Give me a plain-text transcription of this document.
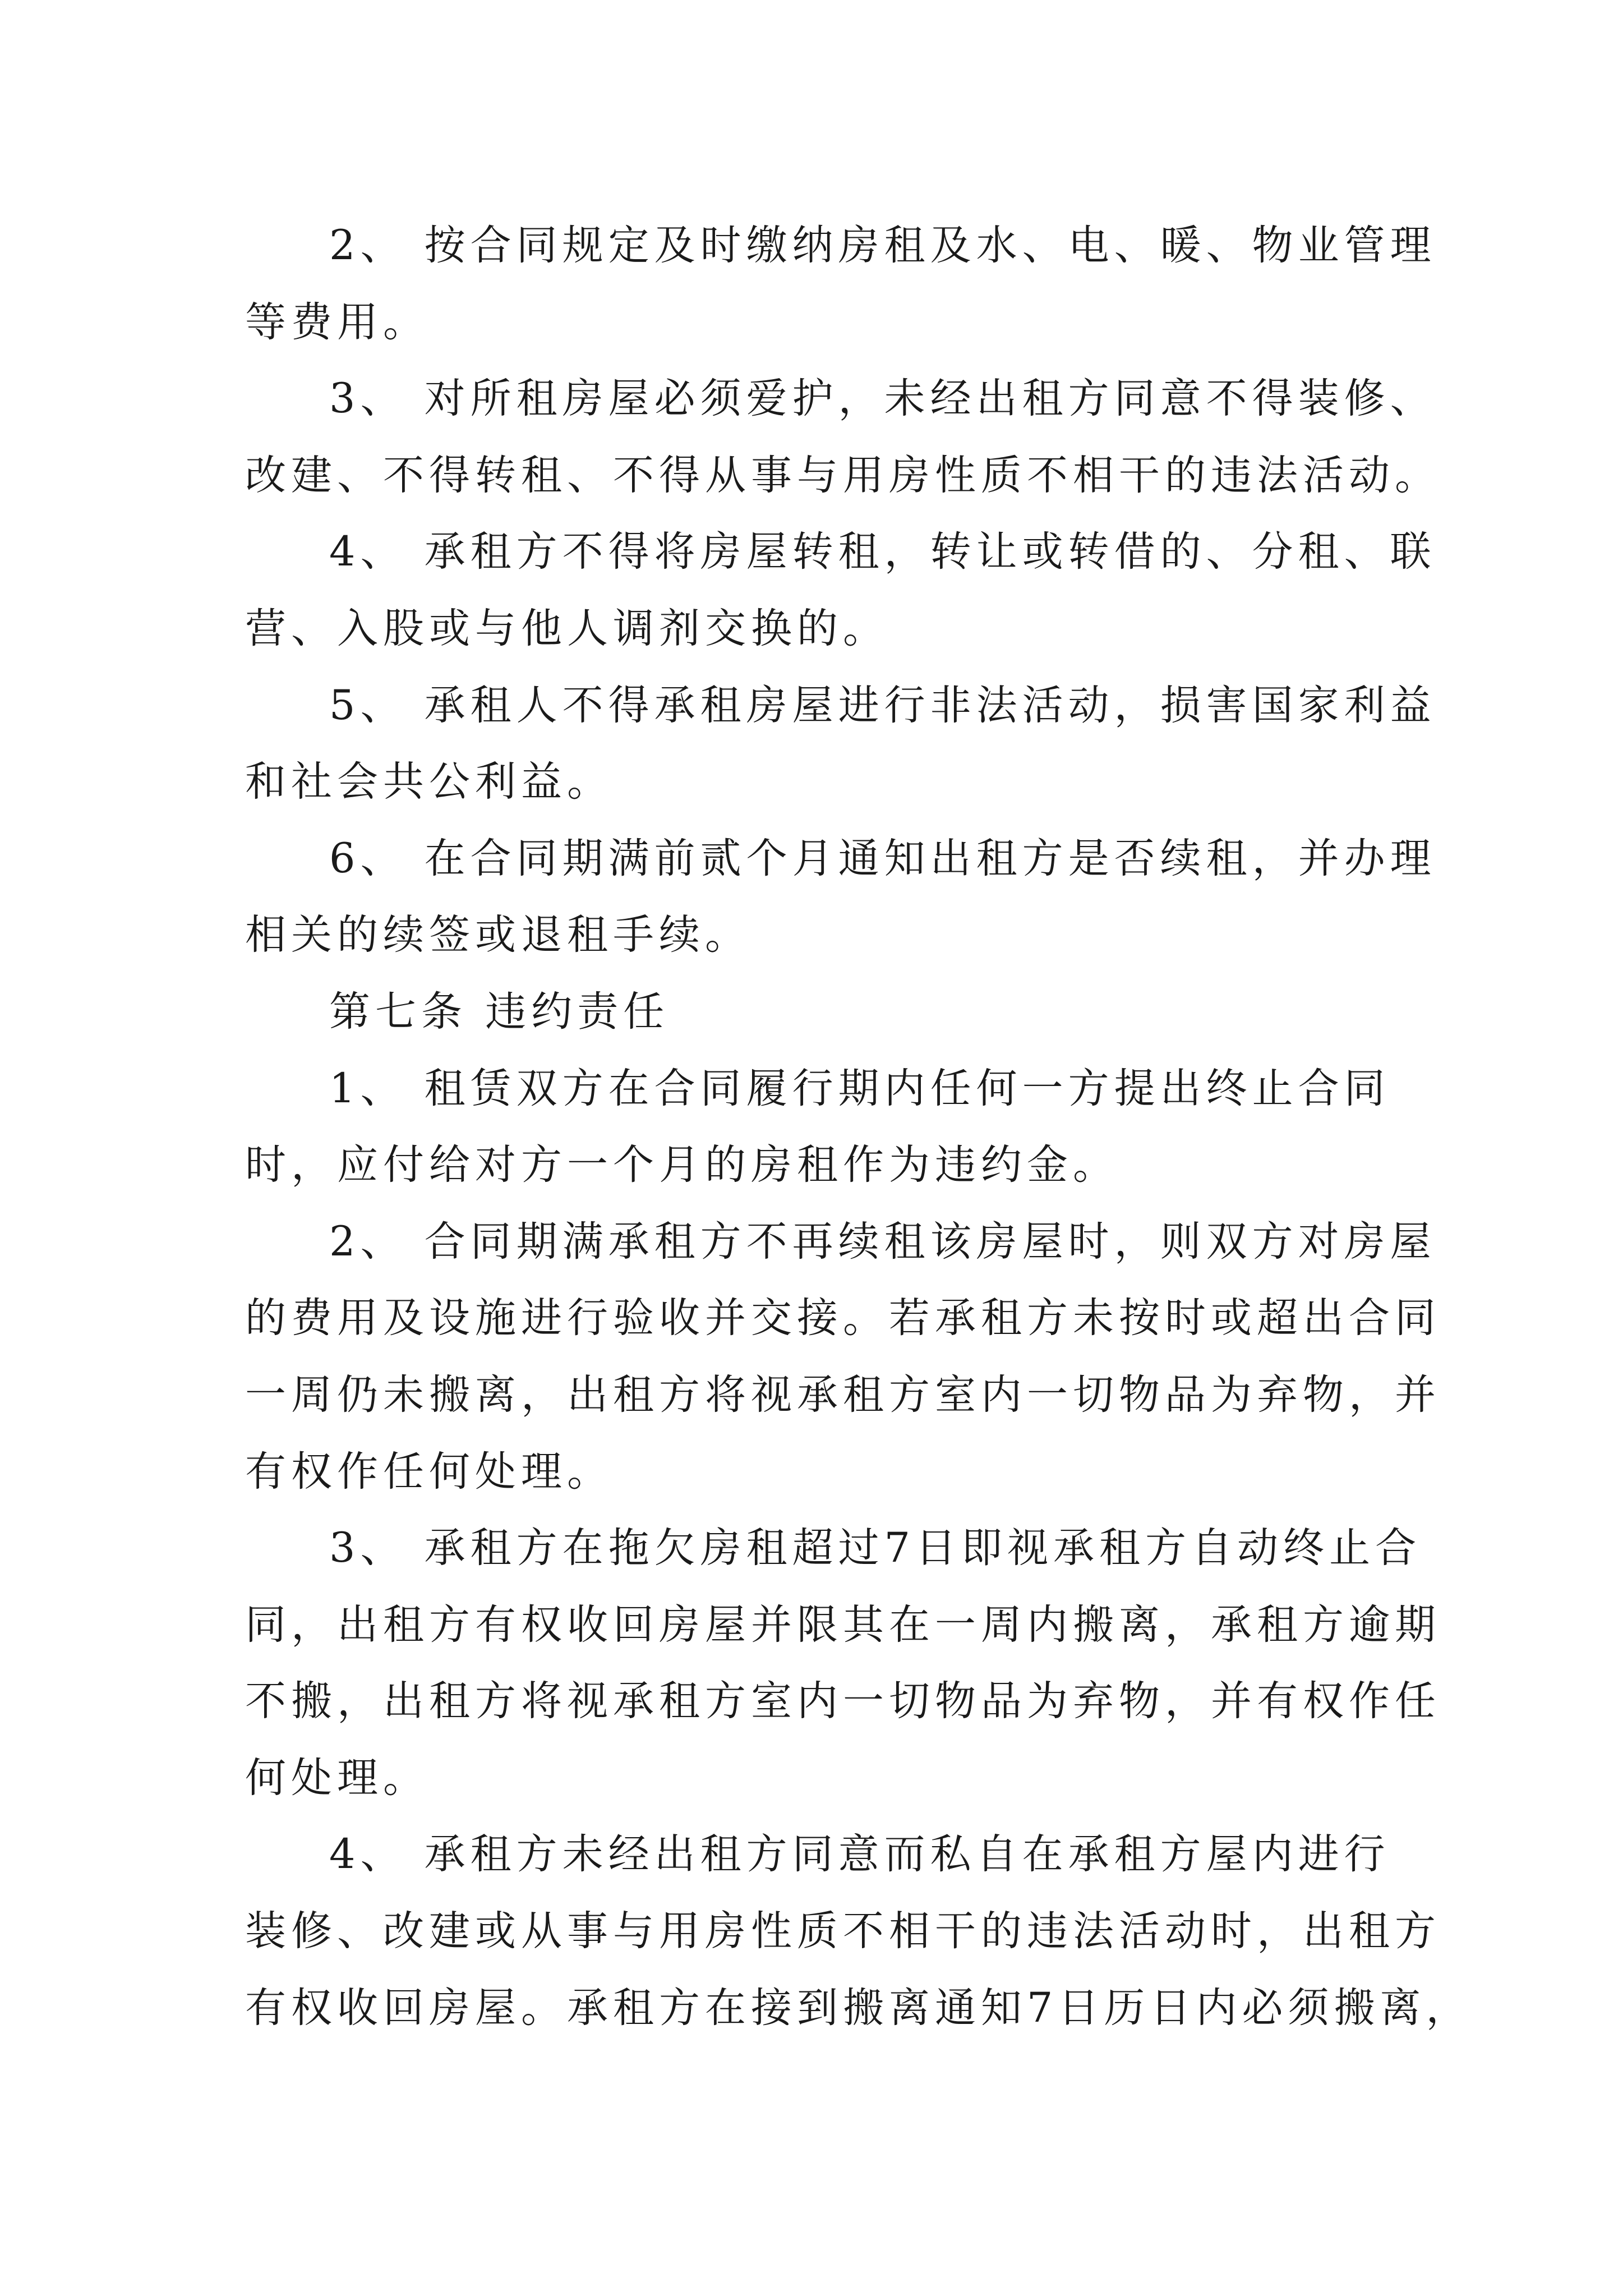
2、 按合同规定及时缴纳房租及水、电、暖、物业管理
等费用。
3、 对所租房屋必须爱护，未经出租方同意不得装修、
改建、不得转租、不得从事与用房性质不相干的违法活动。
4、 承租方不得将房屋转租，转让或转借的、分租、联
营、入股或与他人调剂交换的。
5、 承租人不得承租房屋进行非法活动，损害国家利益
和社会共公利益。
6、 在合同期满前贰个月通知出租方是否续租，并办理
相关的续签或退租手续。
第七条 违约责任
1、 租赁双方在合同履行期内任何一方提出终止合同
时，应付给对方一个月的房租作为违约金。
2、 合同期满承租方不再续租该房屋时，则双方对房屋
的费用及设施进行验收并交接。若承租方未按时或超出合同
一周仍未搬离，出租方将视承租方室内一切物品为弃物，并
有权作任何处理。
3、 承租方在拖欠房租超过7日即视承租方自动终止合
同，出租方有权收回房屋并限其在一周内搬离，承租方逾期
不搬，出租方将视承租方室内一切物品为弃物，并有权作任
何处理。
4、 承租方未经出租方同意而私自在承租方屋内进行
装修、改建或从事与用房性质不相干的违法活动时，出租方
有权收回房屋。承租方在接到搬离通知7日历日内必须搬离，
